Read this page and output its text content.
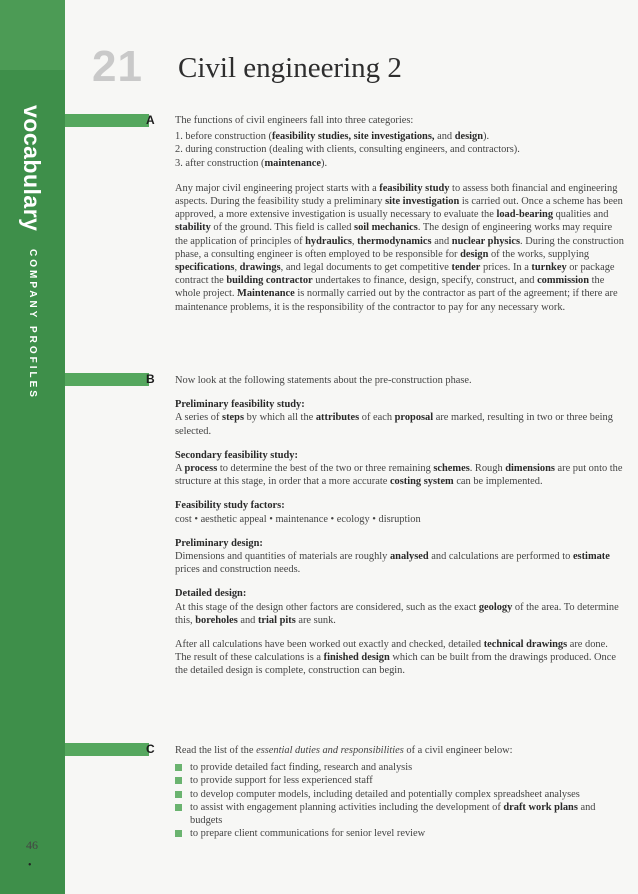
vocabulary COMPANY PROFILES
46
•
21 Civil engineering 2
A The functions of civil engineers fall into three categories:

1. before construction (feasibility studies, site investigations, and design).
2. during construction (dealing with clients, consulting engineers, and contractors).
3. after construction (maintenance).

Any major civil engineering project starts with a feasibility study to assess both financial and engineering aspects. During the feasibility study a preliminary site investigation is carried out. Once a scheme has been approved, a more extensive investigation is usually necessary to evaluate the load-bearing qualities and stability of the ground. This field is called soil mechanics. The design of engineering works may require the application of principles of hydraulics, thermodynamics and nuclear physics. During the construction phase, a consulting engineer is often employed to be responsible for design of the works, supplying specifications, drawings, and legal documents to get competitive tender prices. In a turnkey or package contract the building contractor undertakes to finance, design, specify, construct, and commission the whole project. Maintenance is normally carried out by the contractor as part of the agreement; if there are maintenance problems, it is the responsibility of the contractor to pay for any necessary work.

B Now look at the following statements about the pre-construction phase.

Preliminary feasibility study:

A series of steps by which all the attributes of each proposal are marked, resulting in two or three being selected.

Secondary feasibility study:

A process to determine the best of the two or three remaining schemes. Rough dimensions are put onto the structure at this stage, in order that a more accurate costing system can be implemented.

Feasibility study factors:

cost • aesthetic appeal • maintenance • ecology • disruption

Preliminary design:

Dimensions and quantities of materials are roughly analysed and calculations are performed to estimate prices and construction needs.

Detailed design:

At this stage of the design other factors are considered, such as the exact geology of the area. To determine this, boreholes and trial pits are sunk.

After all calculations have been worked out exactly and checked, detailed technical drawings are done. The result of these calculations is a finished design which can be built from the drawings produced. Once the detailed design is complete, construction can begin.

C Read the list of the essential duties and responsibilities of a civil engineer below:

to provide detailed fact finding, research and analysis
to provide support for less experienced staff
to develop computer models, including detailed and potentially complex spreadsheet analyses
to assist with engagement planning activities including the development of draft work plans and budgets
to prepare client communications for senior level review
